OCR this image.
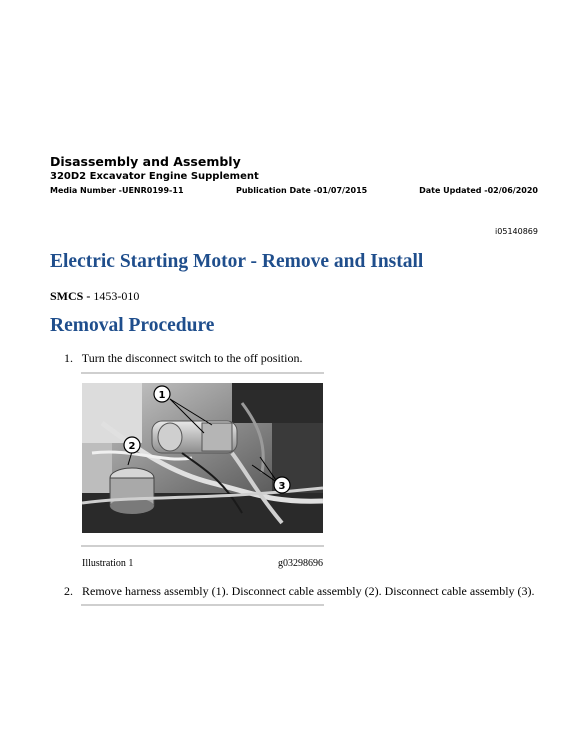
Disassembly and Assembly
320D2 Excavator Engine Supplement
Media Number -UENR0199-11	Publication Date -01/07/2015	Date Updated -02/06/2020
i05140869
Electric Starting Motor - Remove and Install
SMCS - 1453-010
Removal Procedure
1. Turn the disconnect switch to the off position.
1
2
3
Illustration 1	g03298696
2. Remove harness assembly (1). Disconnect cable assembly (2). Disconnect cable assembly (3).
